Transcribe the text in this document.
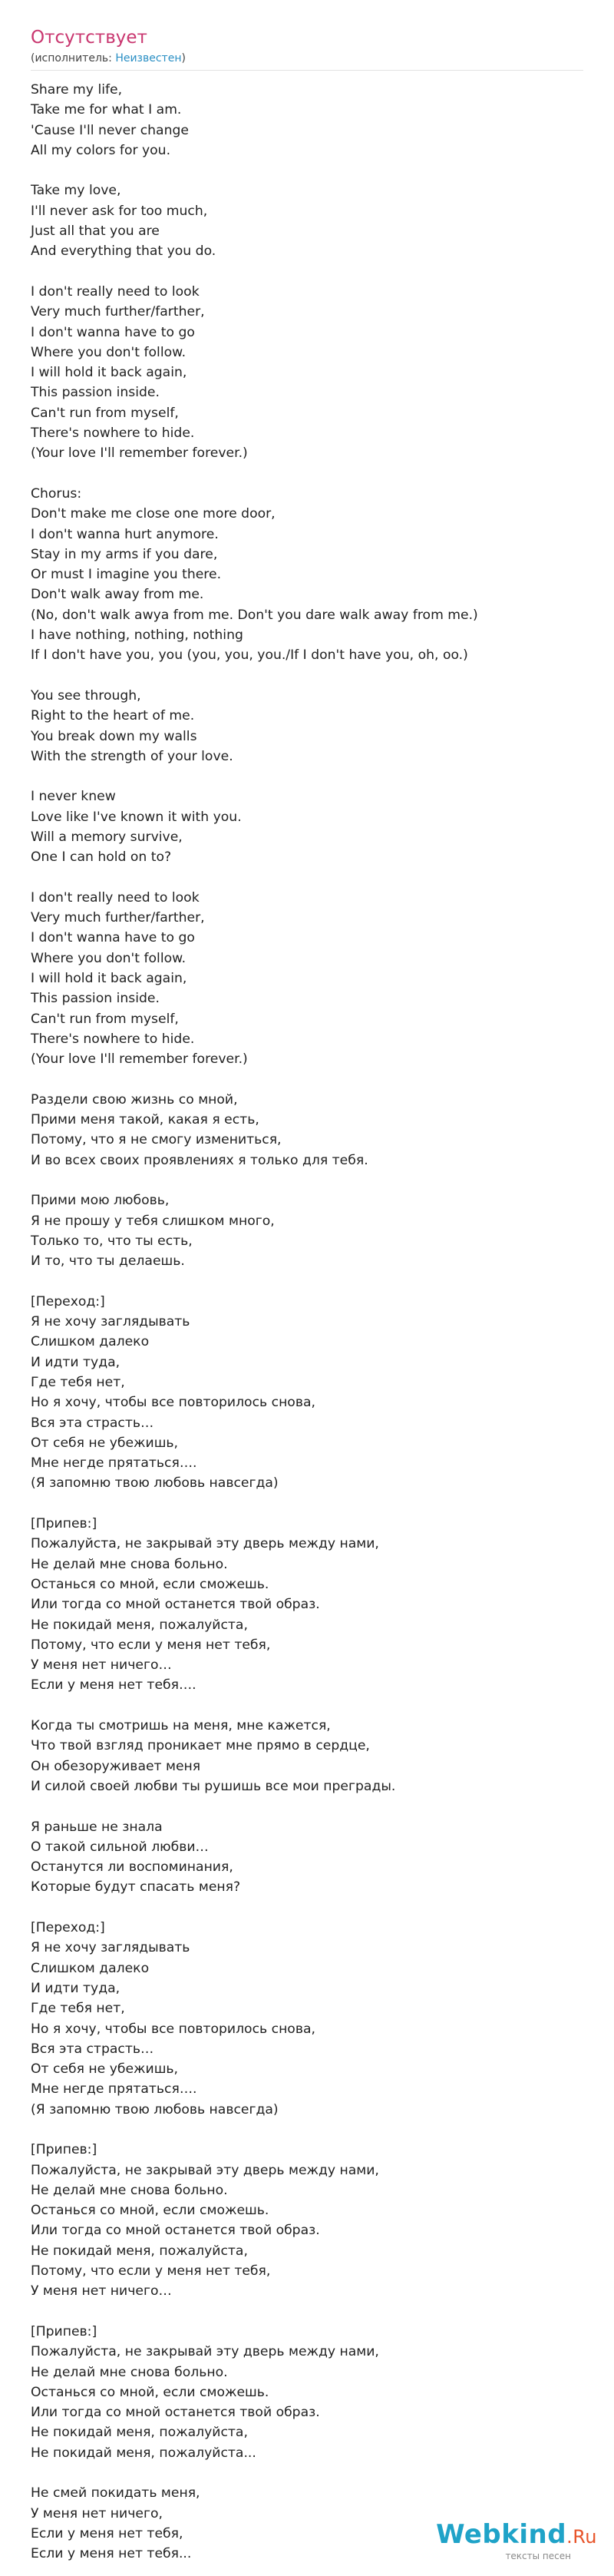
Отсутствует
(исполнитель: Неизвестен)
Share my life,
Take me for what I am.
'Cause I'll never change
All my colors for you.

Take my love,
I'll never ask for too much,
Just all that you are
And everything that you do.

I don't really need to look
Very much further/farther,
I don't wanna have to go
Where you don't follow.
I will hold it back again,
This passion inside.
Can't run from myself,
There's nowhere to hide.
(Your love I'll remember forever.)

Chorus:
Don't make me close one more door,
I don't wanna hurt anymore.
Stay in my arms if you dare,
Or must I imagine you there.
Don't walk away from me.
(No, don't walk awya from me. Don't you dare walk away from me.)
I have nothing, nothing, nothing
If I don't have you, you (you, you, you./If I don't have you, oh, oo.)

You see through,
Right to the heart of me.
You break down my walls
With the strength of your love.

I never knew
Love like I've known it with you.
Will a memory survive,
One I can hold on to?

I don't really need to look
Very much further/farther,
I don't wanna have to go
Where you don't follow.
I will hold it back again,
This passion inside.
Can't run from myself,
There's nowhere to hide.
(Your love I'll remember forever.)

Раздели свою жизнь со мной,
Прими меня такой, какая я есть,
Потому, что я не смогу измениться,
И во всех своих проявлениях я только для тебя.

Прими мою любовь,
Я не прошу у тебя слишком много,
Только то, что ты есть,
И то, что ты делаешь.

[Переход:]
Я не хочу заглядывать
Слишком далеко
И идти туда,
Где тебя нет,
Но я хочу, чтобы все повторилось снова,
Вся эта страсть…
От себя не убежишь,
Мне негде прятаться….
(Я запомню твою любовь навсегда)

[Припев:]
Пожалуйста, не закрывай эту дверь между нами,
Не делай мне снова больно.
Останься со мной, если сможешь.
Или тогда со мной останется твой образ.
Не покидай меня, пожалуйста,
Потому, что если у меня нет тебя,
У меня нет ничего…
Если у меня нет тебя….

Когда ты смотришь на меня, мне кажется,
Что твой взгляд проникает мне прямо в сердце,
Он обезоруживает меня
И силой своей любви ты рушишь все мои преграды.

Я раньше не знала
О такой сильной любви…
Останутся ли воспоминания,
Которые будут спасать меня?

[Переход:]
Я не хочу заглядывать
Слишком далеко
И идти туда,
Где тебя нет,
Но я хочу, чтобы все повторилось снова,
Вся эта страсть…
От себя не убежишь,
Мне негде прятаться….
(Я запомню твою любовь навсегда)

[Припев:]
Пожалуйста, не закрывай эту дверь между нами,
Не делай мне снова больно.
Останься со мной, если сможешь.
Или тогда со мной останется твой образ.
Не покидай меня, пожалуйста,
Потому, что если у меня нет тебя,
У меня нет ничего…

[Припев:]
Пожалуйста, не закрывай эту дверь между нами,
Не делай мне снова больно.
Останься со мной, если сможешь.
Или тогда со мной останется твой образ.
Не покидай меня, пожалуйста,
Не покидай меня, пожалуйста...

Не смей покидать меня,
У меня нет ничего,
Если у меня нет тебя,
Если у меня нет тебя...
Webkind.Ru
тексты песен
